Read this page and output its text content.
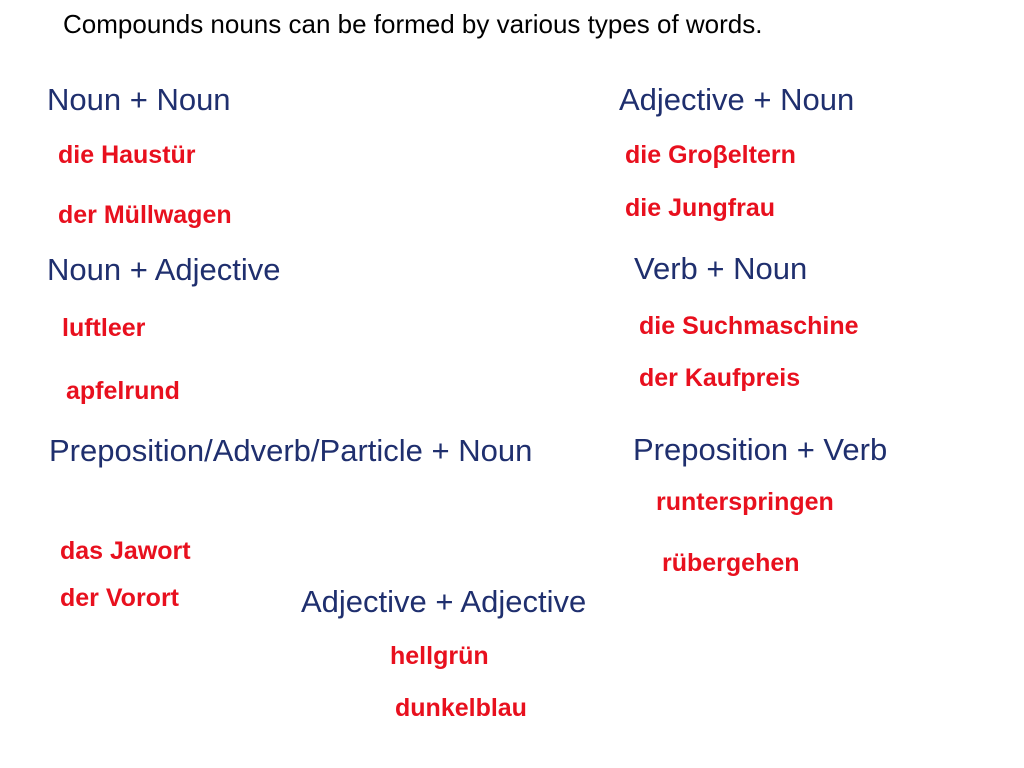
Compounds nouns can be formed by various types of words.
Noun + Noun
die Haustür
der Müllwagen
Adjective + Noun
die Groβeltern
die Jungfrau
Noun + Adjective
luftleer
apfelrund
Verb + Noun
die Suchmaschine
der Kaufpreis
Preposition/Adverb/Particle + Noun
das Jawort
der Vorort
Preposition + Verb
runterspringen
rübergehen
Adjective + Adjective
hellgrün
dunkelblau
